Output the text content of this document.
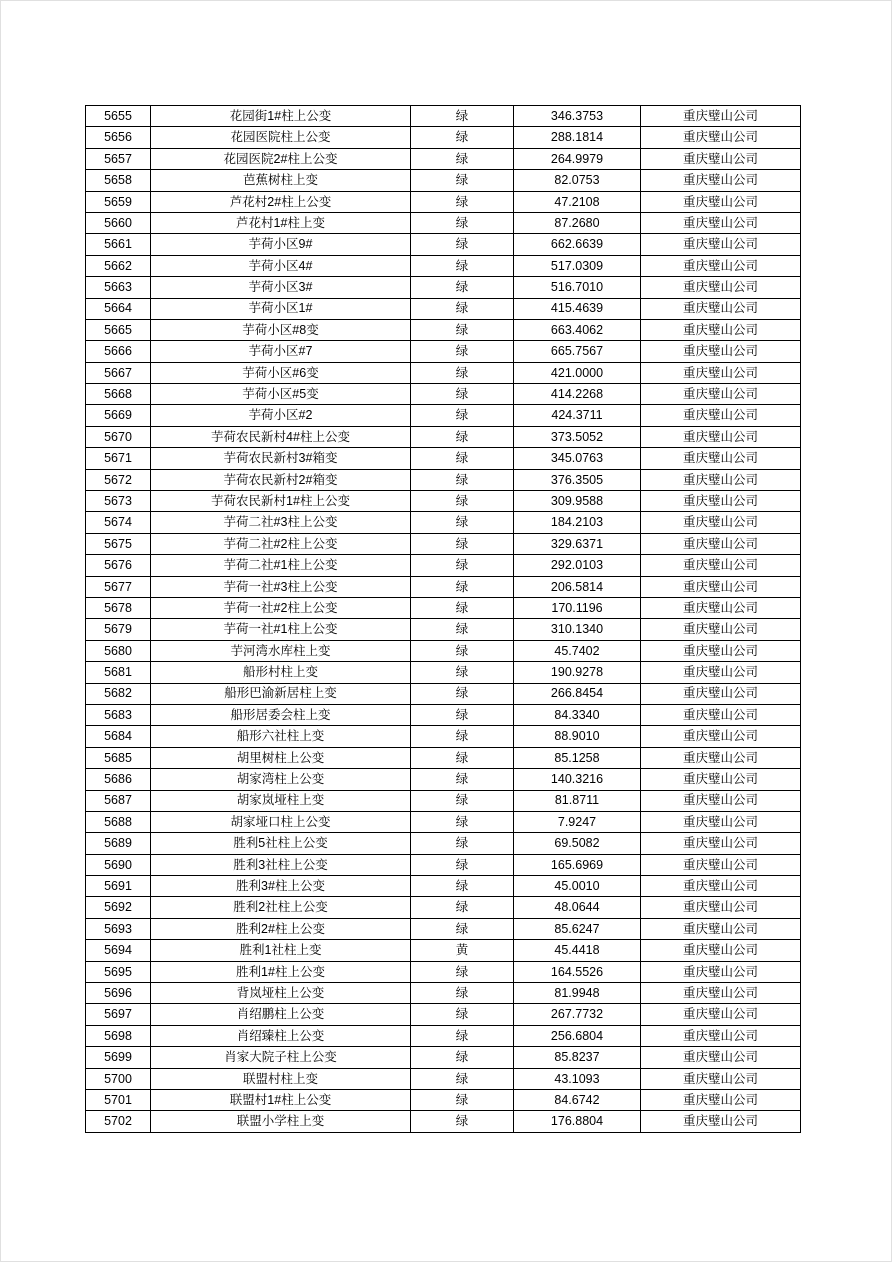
5655	花园街1#柱上公变	绿	346.3753	重庆璧山公司
5656	花园医院柱上公变	绿	288.1814	重庆璧山公司
5657	花园医院2#柱上公变	绿	264.9979	重庆璧山公司
5658	芭蕉树柱上变	绿	82.0753	重庆璧山公司
5659	芦花村2#柱上公变	绿	47.2108	重庆璧山公司
5660	芦花村1#柱上变	绿	87.2680	重庆璧山公司
5661	芋荷小区9#	绿	662.6639	重庆璧山公司
5662	芋荷小区4#	绿	517.0309	重庆璧山公司
5663	芋荷小区3#	绿	516.7010	重庆璧山公司
5664	芋荷小区1#	绿	415.4639	重庆璧山公司
5665	芋荷小区#8变	绿	663.4062	重庆璧山公司
5666	芋荷小区#7	绿	665.7567	重庆璧山公司
5667	芋荷小区#6变	绿	421.0000	重庆璧山公司
5668	芋荷小区#5变	绿	414.2268	重庆璧山公司
5669	芋荷小区#2	绿	424.3711	重庆璧山公司
5670	芋荷农民新村4#柱上公变	绿	373.5052	重庆璧山公司
5671	芋荷农民新村3#箱变	绿	345.0763	重庆璧山公司
5672	芋荷农民新村2#箱变	绿	376.3505	重庆璧山公司
5673	芋荷农民新村1#柱上公变	绿	309.9588	重庆璧山公司
5674	芋荷二社#3柱上公变	绿	184.2103	重庆璧山公司
5675	芋荷二社#2柱上公变	绿	329.6371	重庆璧山公司
5676	芋荷二社#1柱上公变	绿	292.0103	重庆璧山公司
5677	芋荷一社#3柱上公变	绿	206.5814	重庆璧山公司
5678	芋荷一社#2柱上公变	绿	170.1196	重庆璧山公司
5679	芋荷一社#1柱上公变	绿	310.1340	重庆璧山公司
5680	芋河湾水库柱上变	绿	45.7402	重庆璧山公司
5681	船形村柱上变	绿	190.9278	重庆璧山公司
5682	船形巴渝新居柱上变	绿	266.8454	重庆璧山公司
5683	船形居委会柱上变	绿	84.3340	重庆璧山公司
5684	船形六社柱上变	绿	88.9010	重庆璧山公司
5685	胡里树柱上公变	绿	85.1258	重庆璧山公司
5686	胡家湾柱上公变	绿	140.3216	重庆璧山公司
5687	胡家岚垭柱上变	绿	81.8711	重庆璧山公司
5688	胡家垭口柱上公变	绿	7.9247	重庆璧山公司
5689	胜利5社柱上公变	绿	69.5082	重庆璧山公司
5690	胜利3社柱上公变	绿	165.6969	重庆璧山公司
5691	胜利3#柱上公变	绿	45.0010	重庆璧山公司
5692	胜利2社柱上公变	绿	48.0644	重庆璧山公司
5693	胜利2#柱上公变	绿	85.6247	重庆璧山公司
5694	胜利1社柱上变	黄	45.4418	重庆璧山公司
5695	胜利1#柱上公变	绿	164.5526	重庆璧山公司
5696	背岚垭柱上公变	绿	81.9948	重庆璧山公司
5697	肖绍鹏柱上公变	绿	267.7732	重庆璧山公司
5698	肖绍臻柱上公变	绿	256.6804	重庆璧山公司
5699	肖家大院子柱上公变	绿	85.8237	重庆璧山公司
5700	联盟村柱上变	绿	43.1093	重庆璧山公司
5701	联盟村1#柱上公变	绿	84.6742	重庆璧山公司
5702	联盟小学柱上变	绿	176.8804	重庆璧山公司
